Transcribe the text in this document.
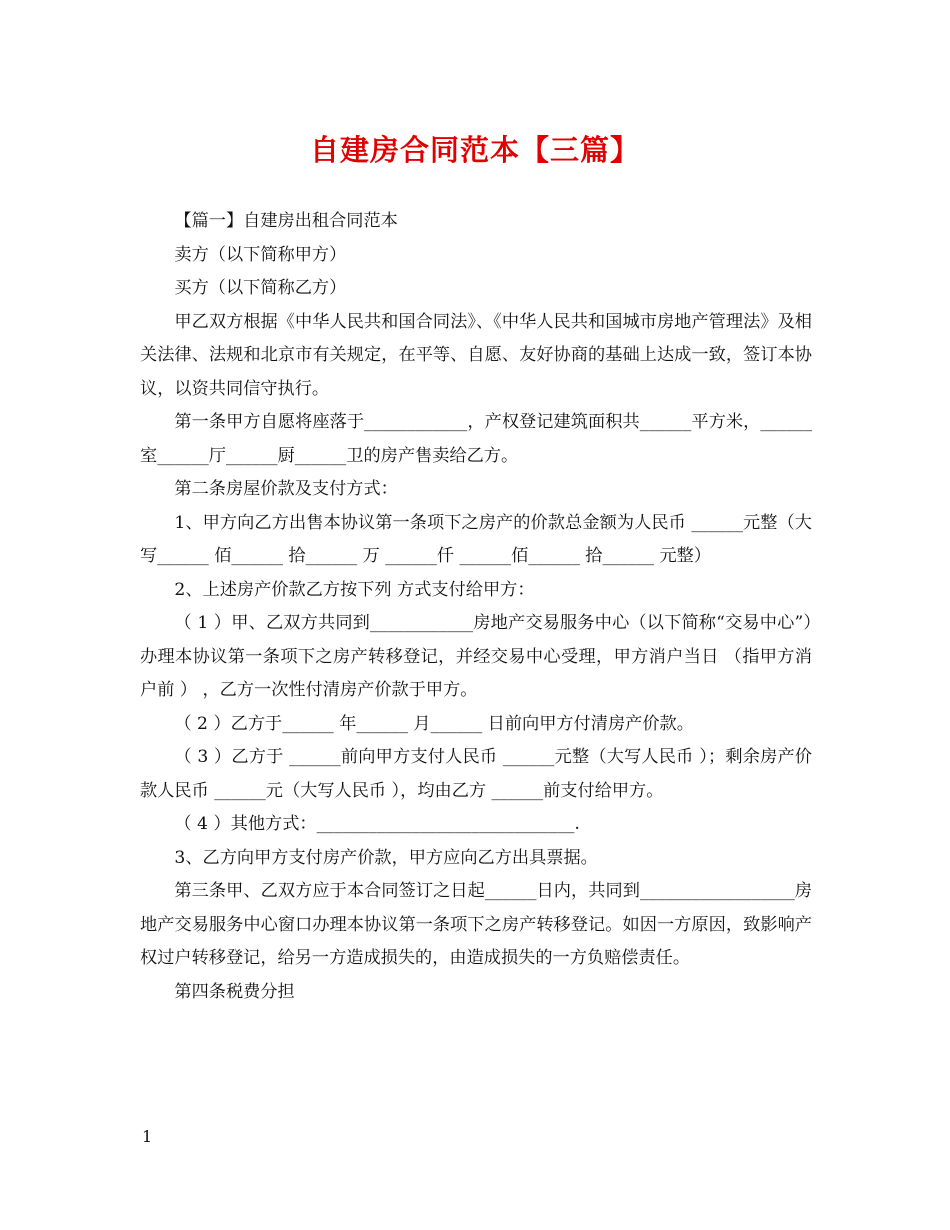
自建房合同范本【三篇】

【篇一】自建房出租合同范本

卖方（以下简称甲方）

买方（以下简称乙方）

甲乙双方根据《中华人民共和国合同法》、《中华人民共和国城市房地产管理法》及相关法律、法规和北京市有关规定，在平等、自愿、友好协商的基础上达成一致，签订本协议，以资共同信守执行。

第一条甲方自愿将座落于____________，产权登记建筑面积共______平方米，______室______厅______厨______卫的房产售卖给乙方。

第二条房屋价款及支付方式：

1、甲方向乙方出售本协议第一条项下之房产的价款总金额为人民币 ______元整（大写______ 佰______ 拾______ 万 ______仟 ______佰______ 拾______ 元整）

2、上述房产价款乙方按下列 方式支付给甲方：

（ 1 ）甲、乙双方共同到____________房地产交易服务中心（以下简称“交易中心”）办理本协议第一条项下之房产转移登记，并经交易中心受理，甲方消户当日 （指甲方消户前 ） ，乙方一次性付清房产价款于甲方。

（ 2 ）乙方于______ 年______ 月______ 日前向甲方付清房产价款。

（ 3 ）乙方于 ______前向甲方支付人民币 ______元整（大写人民币 ）；剩余房产价款人民币 ______元（大写人民币 ），均由乙方 ______前支付给甲方。

（ 4 ）其他方式：______________________________.

3、乙方向甲方支付房产价款，甲方应向乙方出具票据。

第三条甲、乙双方应于本合同签订之日起______日内，共同到__________________房地产交易服务中心窗口办理本协议第一条项下之房产转移登记。如因一方原因，致影响产权过户转移登记，给另一方造成损失的，由造成损失的一方负赔偿责任。

第四条税费分担

1
